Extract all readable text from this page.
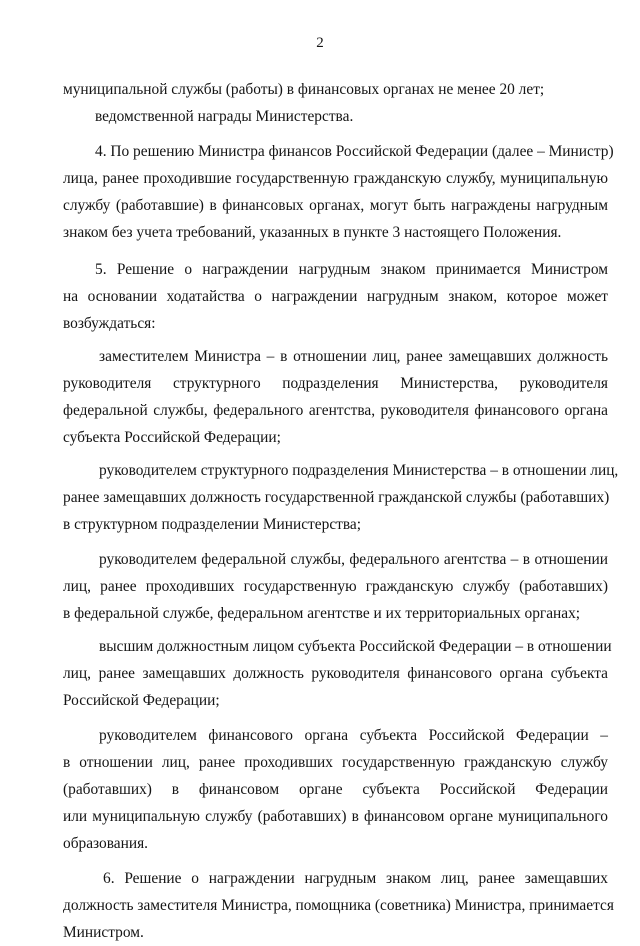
2
муниципальной службы (работы) в финансовых органах не менее 20 лет;
ведомственной награды Министерства.
4. По решению Министра финансов Российской Федерации (далее – Министр)
лица, ранее проходившие государственную гражданскую службу, муниципальную
службу (работавшие) в финансовых органах, могут быть награждены нагрудным
знаком без учета требований, указанных в пункте 3 настоящего Положения.
5. Решение о награждении нагрудным знаком принимается Министром
на основании ходатайства о награждении нагрудным знаком, которое может
возбуждаться:
заместителем Министра – в отношении лиц, ранее замещавших должность
руководителя структурного подразделения Министерства, руководителя
федеральной службы, федерального агентства, руководителя финансового органа
субъекта Российской Федерации;
руководителем структурного подразделения Министерства – в отношении лиц,
ранее замещавших должность государственной гражданской службы (работавших)
в структурном подразделении Министерства;
руководителем федеральной службы, федерального агентства – в отношении
лиц, ранее проходивших государственную гражданскую службу (работавших)
в федеральной службе, федеральном агентстве и их территориальных органах;
высшим должностным лицом субъекта Российской Федерации – в отношении
лиц, ранее замещавших должность руководителя финансового органа субъекта
Российской Федерации;
руководителем финансового органа субъекта Российской Федерации –
в отношении лиц, ранее проходивших государственную гражданскую службу
(работавших) в финансовом органе субъекта Российской Федерации
или муниципальную службу (работавших) в финансовом органе муниципального
образования.
6. Решение о награждении нагрудным знаком лиц, ранее замещавших
должность заместителя Министра, помощника (советника) Министра, принимается
Министром.
